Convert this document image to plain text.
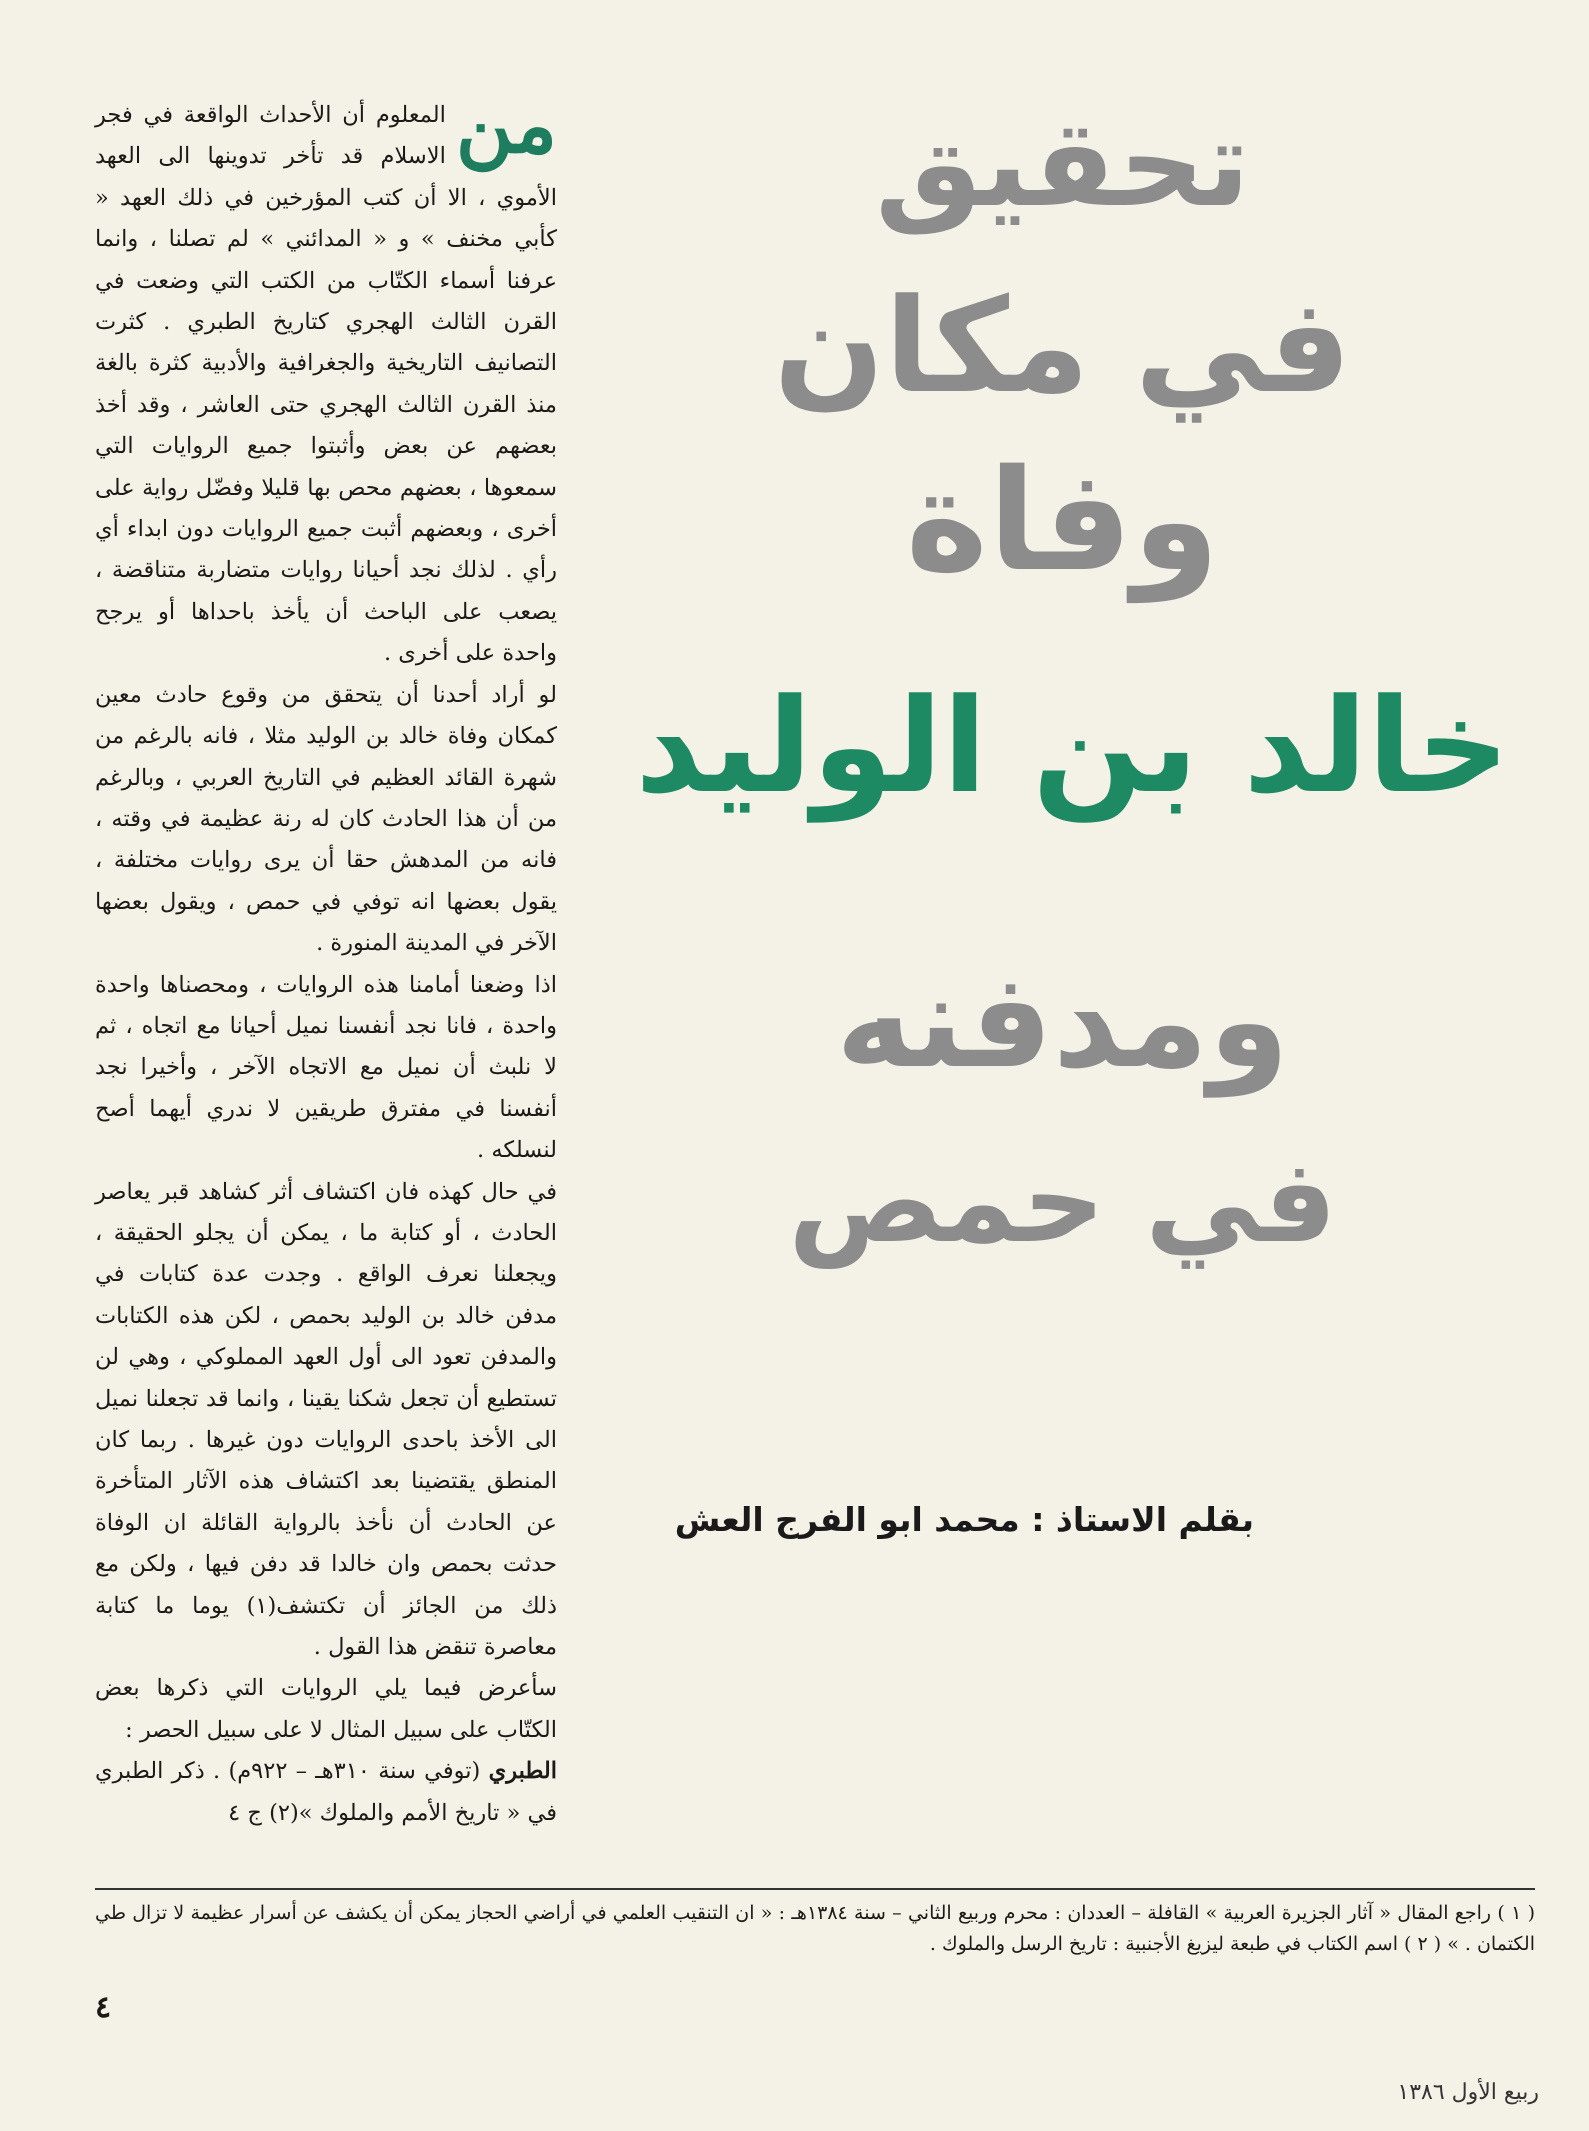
تحقيق
في مكان
وفاة
خالد بن الوليد
ومدفنه
في حمص
بقلم الاستاذ : محمد ابو الفرج العش
من

المعلوم أن الأحداث الواقعة في فجر الاسلام قد تأخر تدوينها الى العهد الأموي ، الا أن كتب المؤرخين في ذلك العهد « كأبي مخنف » و « المدائني » لم تصلنا ، وانما عرفنا أسماء الكتّاب من الكتب التي وضعت في القرن الثالث الهجري كتاريخ الطبري . كثرت التصانيف التاريخية والجغرافية والأدبية كثرة بالغة منذ القرن الثالث الهجري حتى العاشر ، وقد أخذ بعضهم عن بعض وأثبتوا جميع الروايات التي سمعوها ، بعضهم محص بها قليلا وفضّل رواية على أخرى ، وبعضهم أثبت جميع الروايات دون ابداء أي رأي . لذلك نجد أحيانا روايات متضاربة متناقضة ، يصعب على الباحث أن يأخذ باحداها أو يرجح واحدة على أخرى .

لو أراد أحدنا أن يتحقق من وقوع حادث معين كمكان وفاة خالد بن الوليد مثلا ، فانه بالرغم من شهرة القائد العظيم في التاريخ العربي ، وبالرغم من أن هذا الحادث كان له رنة عظيمة في وقته ، فانه من المدهش حقا أن يرى روايات مختلفة ، يقول بعضها انه توفي في حمص ، ويقول بعضها الآخر في المدينة المنورة .

اذا وضعنا أمامنا هذه الروايات ، ومحصناها واحدة واحدة ، فانا نجد أنفسنا نميل أحيانا مع اتجاه ، ثم لا نلبث أن نميل مع الاتجاه الآخر ، وأخيرا نجد أنفسنا في مفترق طريقين لا ندري أيهما أصح لنسلكه .

في حال كهذه فان اكتشاف أثر كشاهد قبر يعاصر الحادث ، أو كتابة ما ، يمكن أن يجلو الحقيقة ، ويجعلنا نعرف الواقع . وجدت عدة كتابات في مدفن خالد بن الوليد بحمص ، لكن هذه الكتابات والمدفن تعود الى أول العهد المملوكي ، وهي لن تستطيع أن تجعل شكنا يقينا ، وانما قد تجعلنا نميل الى الأخذ باحدى الروايات دون غيرها . ربما كان المنطق يقتضينا بعد اكتشاف هذه الآثار المتأخرة عن الحادث أن نأخذ بالرواية القائلة ان الوفاة حدثت بحمص وان خالدا قد دفن فيها ، ولكن مع ذلك من الجائز أن تكتشف(١) يوما ما كتابة معاصرة تنقض هذا القول .

سأعرض فيما يلي الروايات التي ذكرها بعض الكتّاب على سبيل المثال لا على سبيل الحصر :

الطبري (توفي سنة ٣١٠هـ – ٩٢٢م) . ذكر الطبري في « تاريخ الأمم والملوك »(٢) ج ٤

( ١ ) راجع المقال « آثار الجزيرة العربية » القافلة – العددان : محرم وربيع الثاني – سنة ١٣٨٤هـ : « ان التنقيب العلمي في أراضي الحجاز يمكن أن يكشف عن أسرار عظيمة لا تزال طي الكتمان . » ( ٢ ) اسم الكتاب في طبعة ليزيغ الأجنبية : تاريخ الرسل والملوك .

٤
ربيع الأول ١٣٨٦
